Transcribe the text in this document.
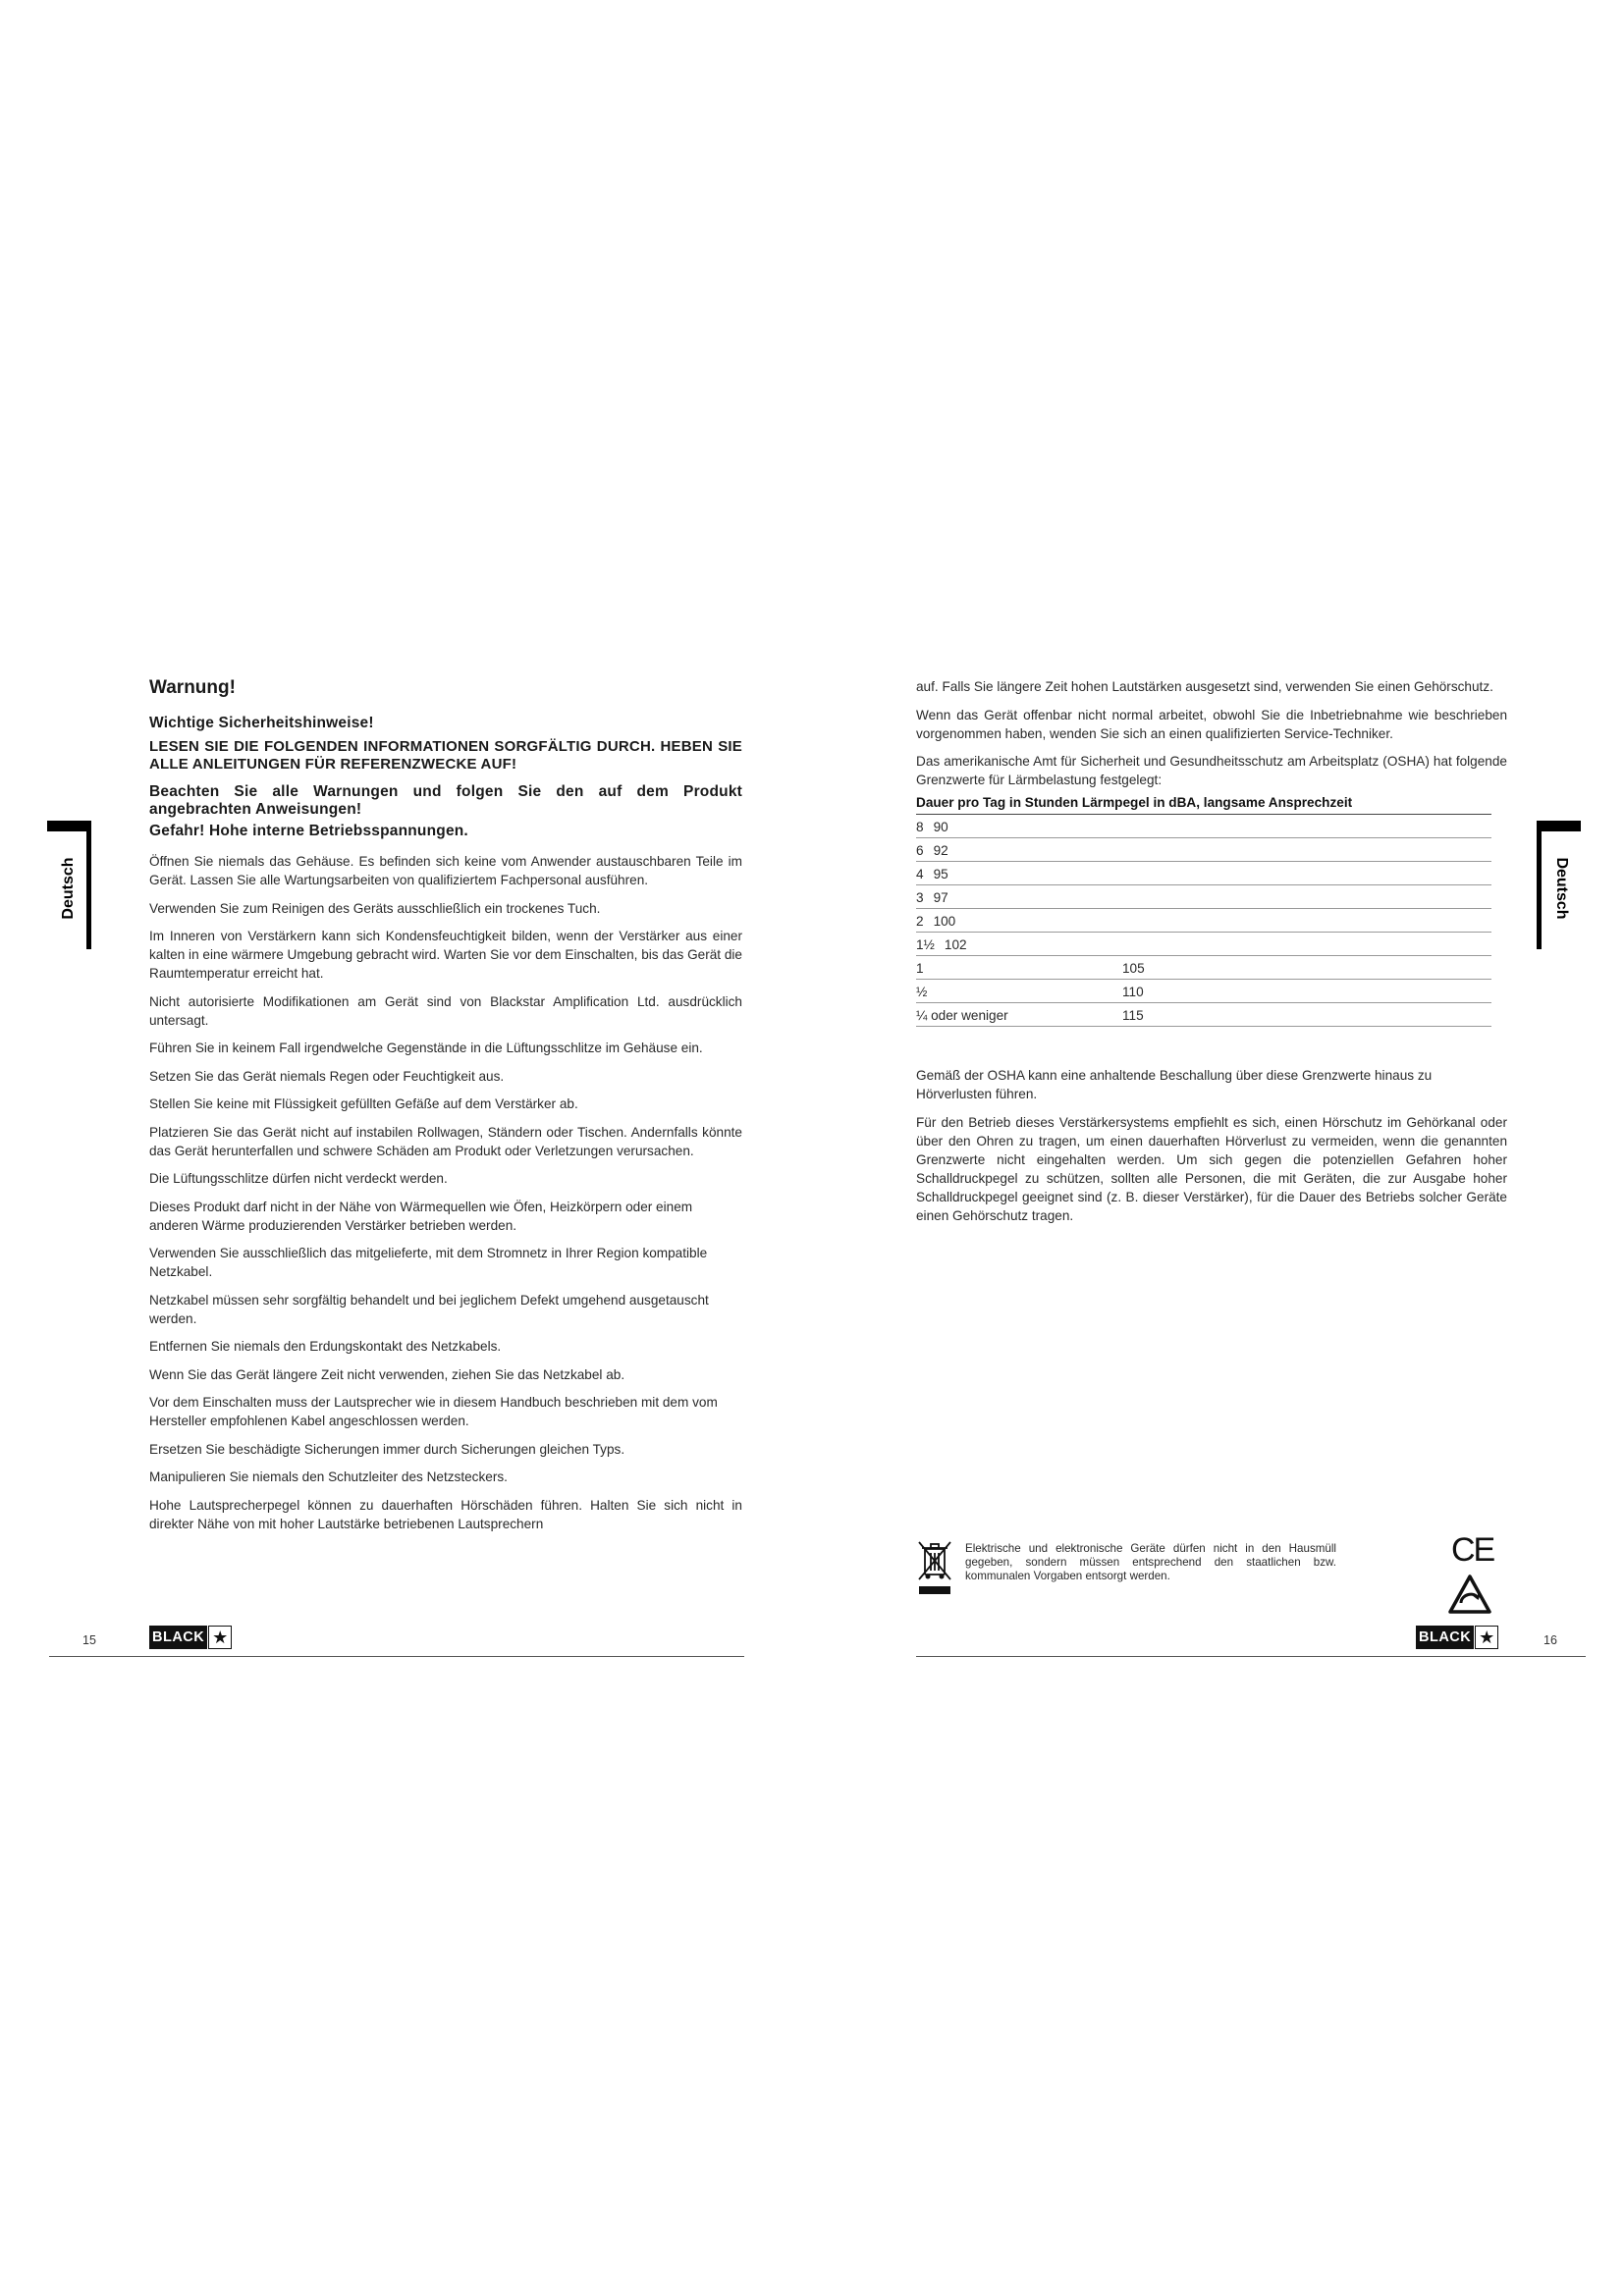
Deutsch
Warnung!
Wichtige Sicherheitshinweise!
LESEN SIE DIE FOLGENDEN INFORMATIONEN SORGFÄLTIG DURCH. HEBEN SIE ALLE ANLEITUNGEN FÜR REFERENZWECKE AUF!
Beachten Sie alle Warnungen und folgen Sie den auf dem Produkt angebrachten Anweisungen!
Gefahr! Hohe interne Betriebsspannungen.

Öffnen Sie niemals das Gehäuse. Es befinden sich keine vom Anwender austauschbaren Teile im Gerät. Lassen Sie alle Wartungsarbeiten von qualifiziertem Fachpersonal ausführen.

Verwenden Sie zum Reinigen des Geräts ausschließlich ein trockenes Tuch.

Im Inneren von Verstärkern kann sich Kondensfeuchtigkeit bilden, wenn der Verstärker aus einer kalten in eine wärmere Umgebung gebracht wird. Warten Sie vor dem Einschalten, bis das Gerät die Raumtemperatur erreicht hat.

Nicht autorisierte Modifikationen am Gerät sind von Blackstar Amplification Ltd. ausdrücklich untersagt.

Führen Sie in keinem Fall irgendwelche Gegenstände in die Lüftungsschlitze im Gehäuse ein.

Setzen Sie das Gerät niemals Regen oder Feuchtigkeit aus.

Stellen Sie keine mit Flüssigkeit gefüllten Gefäße auf dem Verstärker ab.

Platzieren Sie das Gerät nicht auf instabilen Rollwagen, Ständern oder Tischen. Andernfalls könnte das Gerät herunterfallen und schwere Schäden am Produkt oder Verletzungen verursachen.

Die Lüftungsschlitze dürfen nicht verdeckt werden.

Dieses Produkt darf nicht in der Nähe von Wärmequellen wie Öfen, Heizkörpern oder einem anderen Wärme produzierenden Verstärker betrieben werden.

Verwenden Sie ausschließlich das mitgelieferte, mit dem Stromnetz in Ihrer Region kompatible Netzkabel.

Netzkabel müssen sehr sorgfältig behandelt und bei jeglichem Defekt umgehend ausgetauscht werden.

Entfernen Sie niemals den Erdungskontakt des Netzkabels.

Wenn Sie das Gerät längere Zeit nicht verwenden, ziehen Sie das Netzkabel ab.

Vor dem Einschalten muss der Lautsprecher wie in diesem Handbuch beschrieben mit dem vom Hersteller empfohlenen Kabel angeschlossen werden.

Ersetzen Sie beschädigte Sicherungen immer durch Sicherungen gleichen Typs.

Manipulieren Sie niemals den Schutzleiter des Netzsteckers.

Hohe Lautsprecherpegel können zu dauerhaften Hörschäden führen. Halten Sie sich nicht in direkter Nähe von mit hoher Lautstärke betriebenen Lautsprechern

15	BLACK ★
Deutsch

auf. Falls Sie längere Zeit hohen Lautstärken ausgesetzt sind, verwenden Sie einen Gehörschutz.

Wenn das Gerät offenbar nicht normal arbeitet, obwohl Sie die Inbetriebnahme wie beschrieben vorgenommen haben, wenden Sie sich an einen qualifizierten Service-Techniker.

Das amerikanische Amt für Sicherheit und Gesundheitsschutz am Arbeitsplatz (OSHA) hat folgende Grenzwerte für Lärmbelastung festgelegt:

Dauer pro Tag in Stunden Lärmpegel in dBA, langsame Ansprechzeit	
8 90	
6 92	
4 95	
3 97	
2 100	
1½ 102	
1	105
½	110
¼ oder weniger	115

Gemäß der OSHA kann eine anhaltende Beschallung über diese Grenzwerte hinaus zu Hörverlusten führen.

Für den Betrieb dieses Verstärkersystems empfiehlt es sich, einen Hörschutz im Gehörkanal oder über den Ohren zu tragen, um einen dauerhaften Hörverlust zu vermeiden, wenn die genannten Grenzwerte nicht eingehalten werden. Um sich gegen die potenziellen Gefahren hoher Schalldruckpegel zu schützen, sollten alle Personen, die mit Geräten, die zur Ausgabe hoher Schalldruckpegel geeignet sind (z. B. dieser Verstärker), für die Dauer des Betriebs solcher Geräte einen Gehörschutz tragen.

Elektrische und elektronische Geräte dürfen nicht in den Hausmüll gegeben, sondern müssen entsprechend den staatlichen bzw. kommunalen Vorgaben entsorgt werden.
CE
BLACK ★	16
